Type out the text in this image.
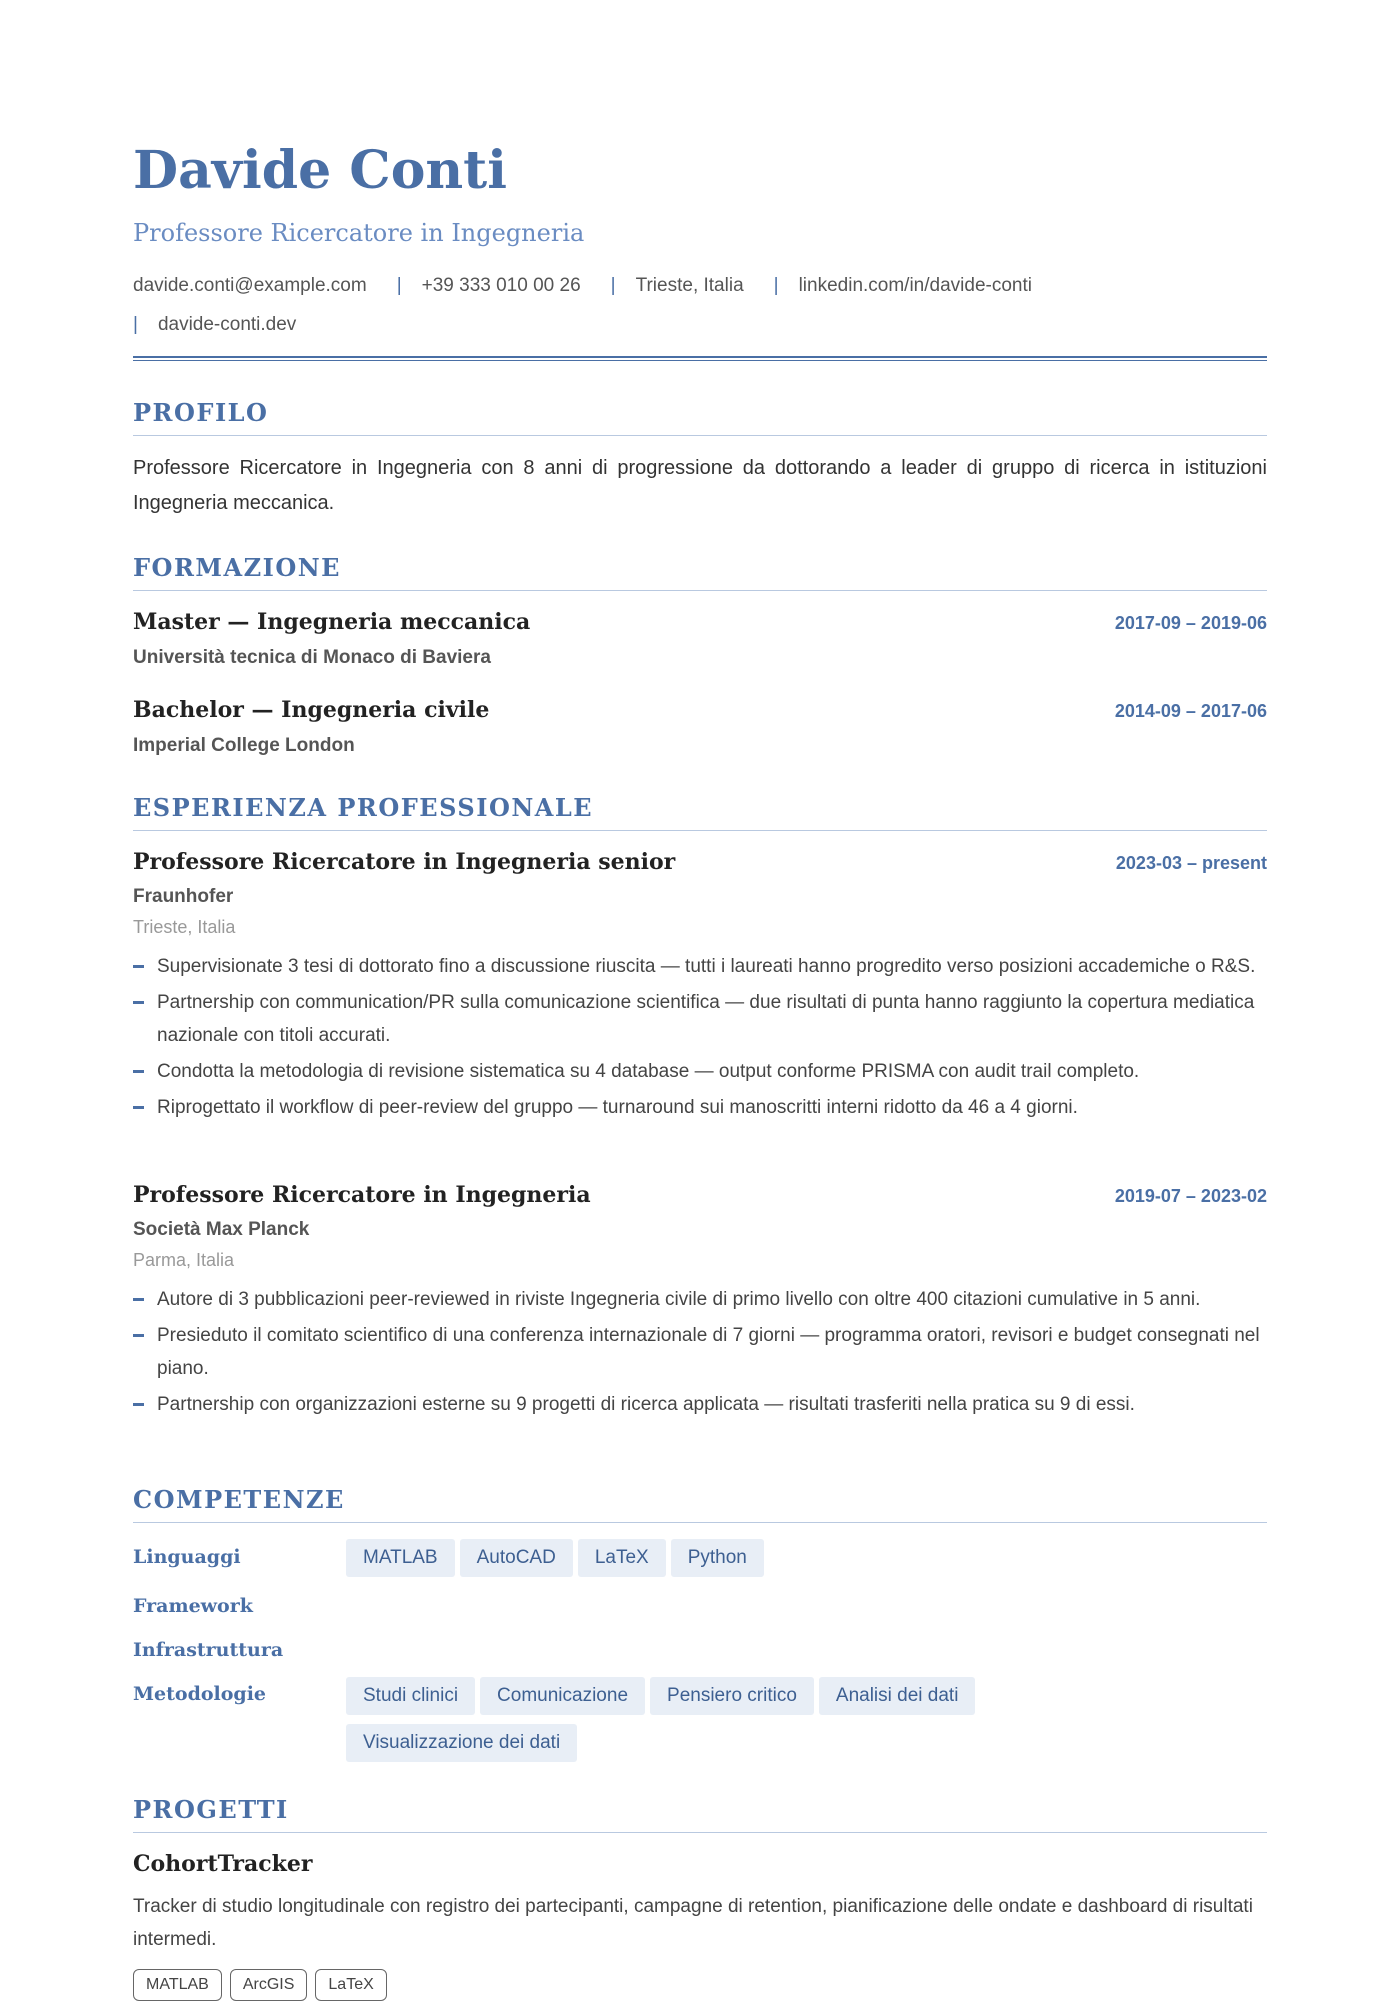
Davide Conti
Professore Ricercatore in Ingegneria
davide.conti@example.com | +39 333 010 00 26 | Trieste, Italia | linkedin.com/in/davide-conti
| davide-conti.dev
PROFILO

Professore Ricercatore in Ingegneria con 8 anni di progressione da dottorando a leader di gruppo di ricerca in istituzioni Ingegneria meccanica.

FORMAZIONE
Master — Ingegneria meccanica	2017-09 – 2019-06
Università tecnica di Monaco di Baviera
Bachelor — Ingegneria civile	2014-09 – 2017-06
Imperial College London
ESPERIENZA PROFESSIONALE
Professore Ricercatore in Ingegneria senior	2023-03 – present
Fraunhofer
Trieste, Italia
Supervisionate 3 tesi di dottorato fino a discussione riuscita — tutti i laureati hanno progredito verso posizioni accademiche o R&S.
Partnership con communication/PR sulla comunicazione scientifica — due risultati di punta hanno raggiunto la copertura mediatica nazionale con titoli accurati.
Condotta la metodologia di revisione sistematica su 4 database — output conforme PRISMA con audit trail completo.
Riprogettato il workflow di peer-review del gruppo — turnaround sui manoscritti interni ridotto da 46 a 4 giorni.
Professore Ricercatore in Ingegneria	2019-07 – 2023-02
Società Max Planck
Parma, Italia
Autore di 3 pubblicazioni peer-reviewed in riviste Ingegneria civile di primo livello con oltre 400 citazioni cumulative in 5 anni.
Presieduto il comitato scientifico di una conferenza internazionale di 7 giorni — programma oratori, revisori e budget consegnati nel piano.
Partnership con organizzazioni esterne su 9 progetti di ricerca applicata — risultati trasferiti nella pratica su 9 di essi.
COMPETENZE
Linguaggi	MATLAB AutoCAD LaTeX Python
Framework
Infrastruttura
Metodologie	Studi clinici Comunicazione Pensiero critico Analisi dei dati
Visualizzazione dei dati
PROGETTI
CohortTracker

Tracker di studio longitudinale con registro dei partecipanti, campagne di retention, pianificazione delle ondate e dashboard di risultati intermedi.

MATLAB ArcGIS LaTeX
